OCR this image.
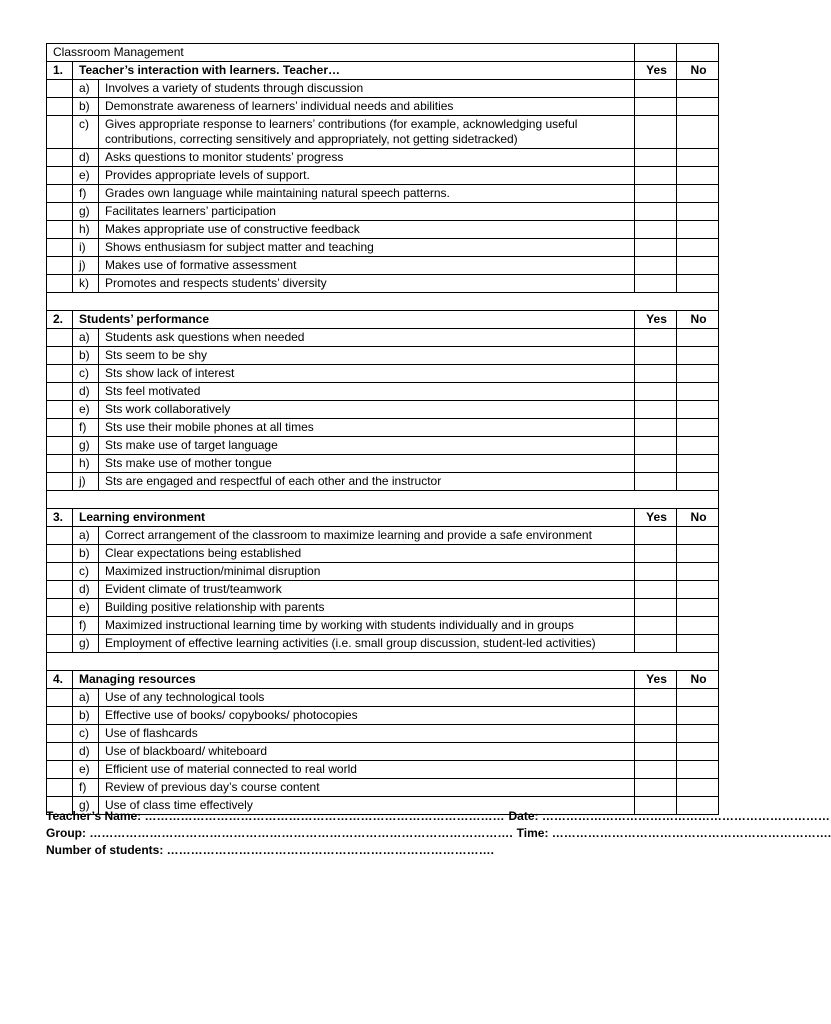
Classroom Management				
1.	Teacher’s interaction with learners. Teacher…		Yes	No
	a)	Involves a variety of students through discussion		
	b)	Demonstrate awareness of learners’ individual needs and abilities		
	c)	Gives appropriate response to learners’ contributions (for example, acknowledging useful contributions, correcting sensitively and appropriately, not getting sidetracked)		
	d)	Asks questions to monitor students’ progress		
	e)	Provides appropriate levels of support.		
	f)	Grades own language while maintaining natural speech patterns.		
	g)	Facilitates learners’ participation		
	h)	Makes appropriate use of constructive feedback		
	i)	Shows enthusiasm for subject matter and teaching		
	j)	Makes use of formative assessment		
	k)	Promotes and respects students’ diversity		

2.	Students’ performance		Yes	No
	a)	Students ask questions when needed		
	b)	Sts seem to be shy		
	c)	Sts show lack of interest		
	d)	Sts feel motivated		
	e)	Sts work collaboratively		
	f)	Sts use their mobile phones at all times		
	g)	Sts make use of target language		
	h)	Sts make use of mother tongue		
	j)	Sts are engaged and respectful of each other and the instructor		

3.	Learning environment		Yes	No
	a)	Correct arrangement of the classroom to maximize learning and provide a safe environment		
	b)	Clear expectations being established		
	c)	Maximized instruction/minimal disruption		
	d)	Evident climate of trust/teamwork		
	e)	Building positive relationship with parents		
	f)	Maximized instructional learning time by working with students individually and in groups		
	g)	Employment of effective learning activities (i.e. small group discussion, student-led activities)		

4.	Managing resources		Yes	No
	a)	Use of any technological tools		
	b)	Effective use of books/ copybooks/ photocopies		
	c)	Use of flashcards		
	d)	Use of blackboard/ whiteboard		
	e)	Efficient use of material connected to real world		
	f)	Review of previous day’s course content		
	g)	Use of class time effectively		
Teacher’s Name: ……………………………………………………………………………… Date: ………………………………………………………………
Group: ……………………………………………………………………………………………. Time: …………………………………………………………….
Number of students: ……………………………………………………………………….
